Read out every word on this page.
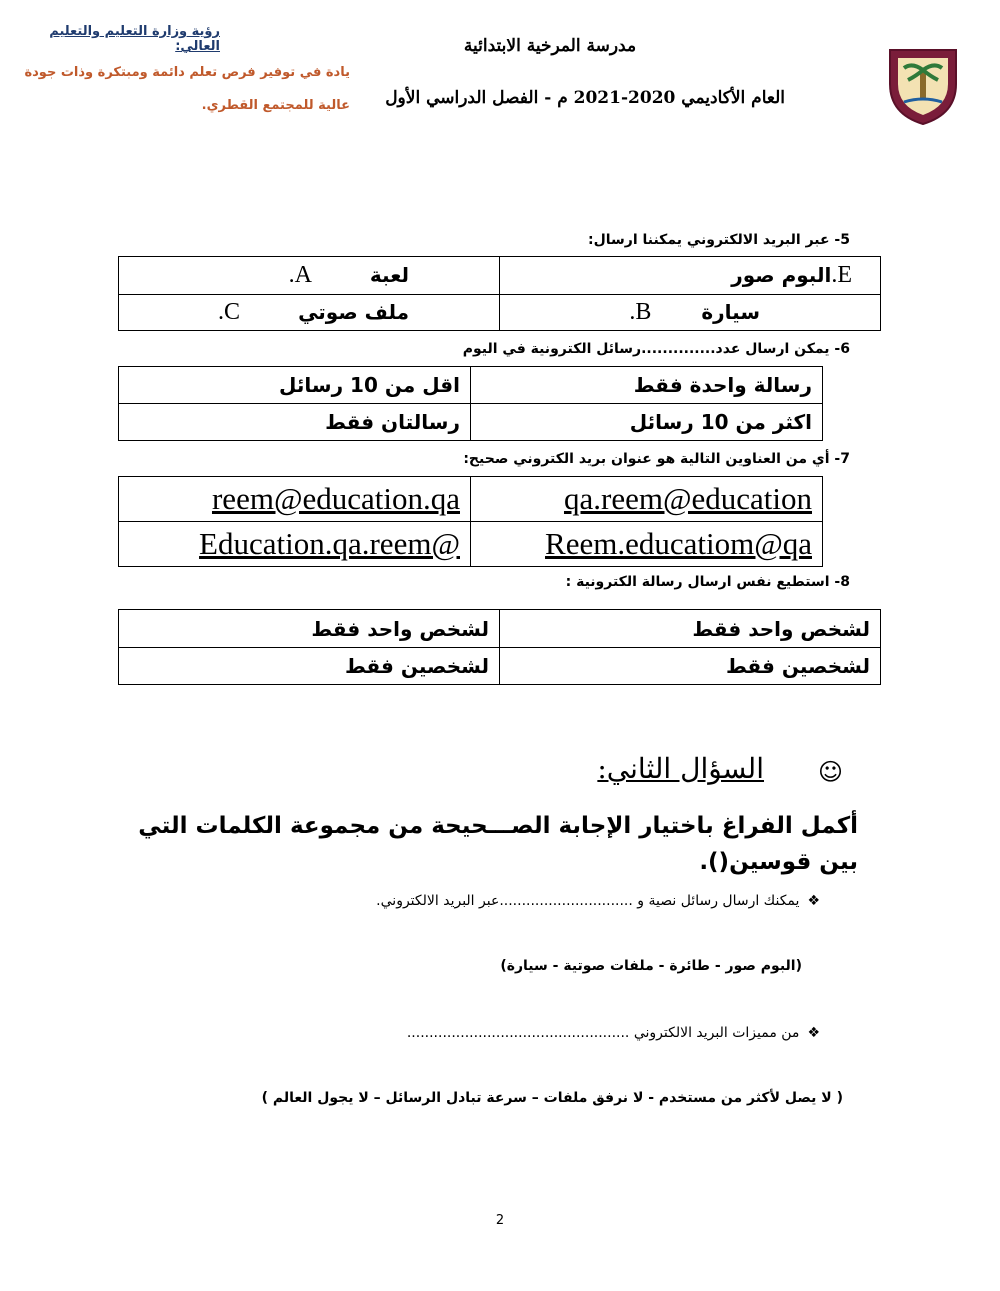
رؤية وزارة التعليم والتعليم العالي:
يادة في توفير فرص تعلم دائمة ومبتكرة وذات جودة
عالية للمجتمع القطري.
مدرسة المرخية الابتدائية
العام الأكاديمي 2020-2021 م - الفصل الدراسي الأول
5- عبر البريد الالكتروني يمكننا ارسال:
E.البوم صور	لعبةA.
سيارةB.	ملف صوتيC.
6- يمكن ارسال عدد..............رسائل الكترونية في اليوم
رسالة واحدة فقط	اقل من 10 رسائل
اكثر من 10 رسائل	رسالتان فقط
7- أي من العناوين التالية هو عنوان بريد الكتروني صحيح:
qa.reem@education	reem@education.qa
Reem.educatiom@qa	Education.qa.reem@
8- استطيع نفس ارسال رسالة الكترونية :
لشخص واحد فقط	لشخص واحد فقط
لشخصين فقط	لشخصين فقط
☺
السؤال الثاني:
أكمل الفراغ باختيار الإجابة الصـــحيحة من مجموعة الكلمات التي بين قوسين().
❖يمكنك ارسال رسائل نصية و ..............................عبر البريد الالكتروني.
(البوم صور - طائرة - ملفات صوتية - سيارة)
❖من مميزات البريد الالكتروني ..................................................
( لا يصل لأكثر من مستخدم - لا نرفق ملفات – سرعة تبادل الرسائل – لا يجول العالم )
2
